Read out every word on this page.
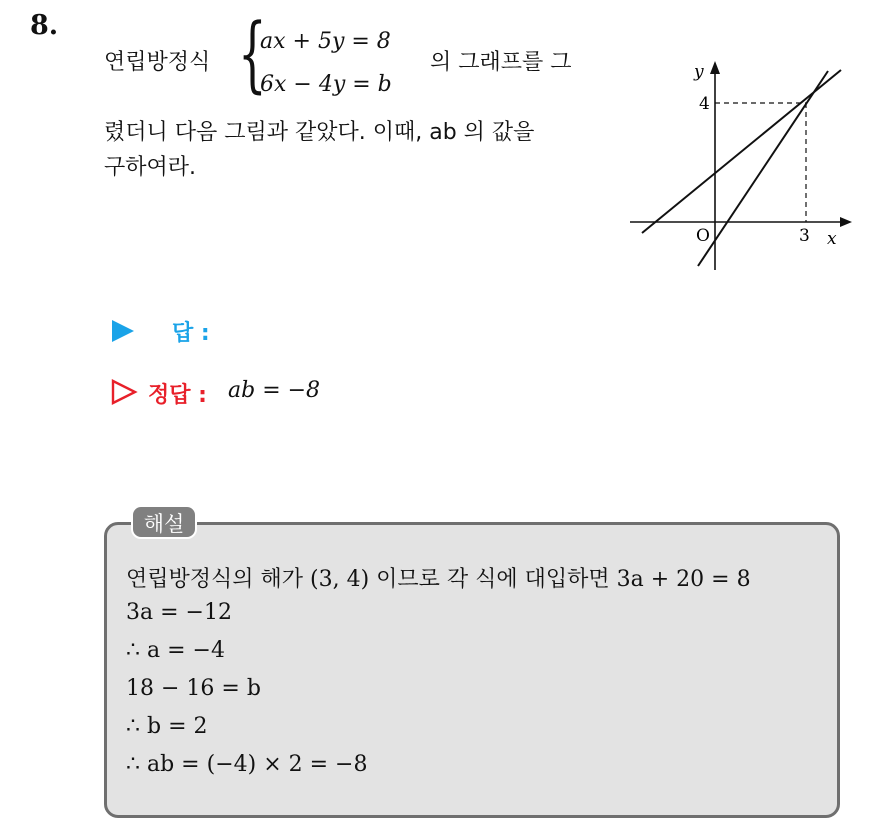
8.
연립방정식 {
ax + 5y = 8
6x − 4y = b
의 그래프를 그
렸더니 다음 그림과 같았다. 이때, ab 의 값을
구하여라.
y
x
O
4
3
답 :
정답 : ab = −8
해설
연립방정식의 해가 (3, 4) 이므로 각 식에 대입하면 3a + 20 = 8
3a = −12
∴ a = −4
18 − 16 = b
∴ b = 2
∴ ab = (−4) × 2 = −8
